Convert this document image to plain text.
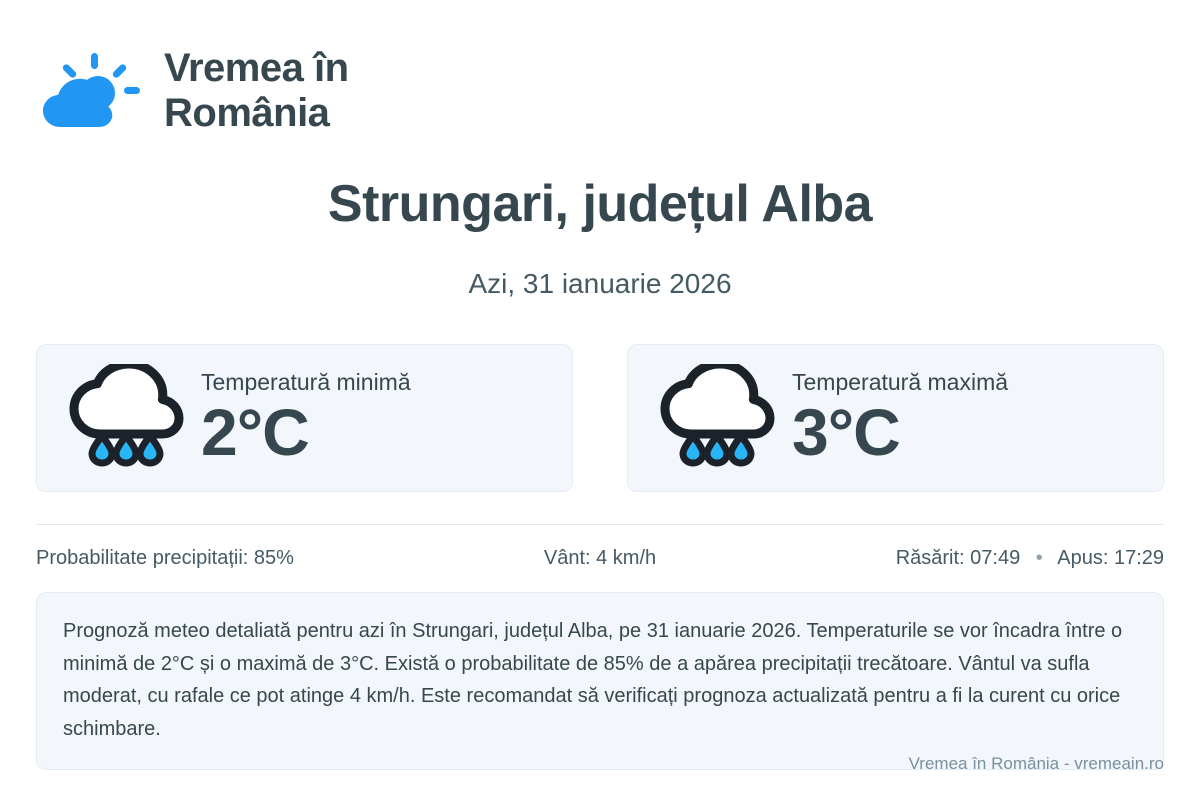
Vremea în
România
Strungari, județul Alba
Azi, 31 ianuarie 2026
Temperatură minimă
2°C
Temperatură maximă
3°C
Probabilitate precipitații: 85%	Vânt: 4 km/h	Răsărit: 07:49 • Apus: 17:29
Prognoză meteo detaliată pentru azi în Strungari, județul Alba, pe 31 ianuarie 2026. Temperaturile se vor încadra între o minimă de 2°C și o maximă de 3°C. Există o probabilitate de 85% de a apărea precipitații trecătoare. Vântul va sufla moderat, cu rafale ce pot atinge 4 km/h. Este recomandat să verificați prognoza actualizată pentru a fi la curent cu orice schimbare.
Vremea în România - vremeain.ro
